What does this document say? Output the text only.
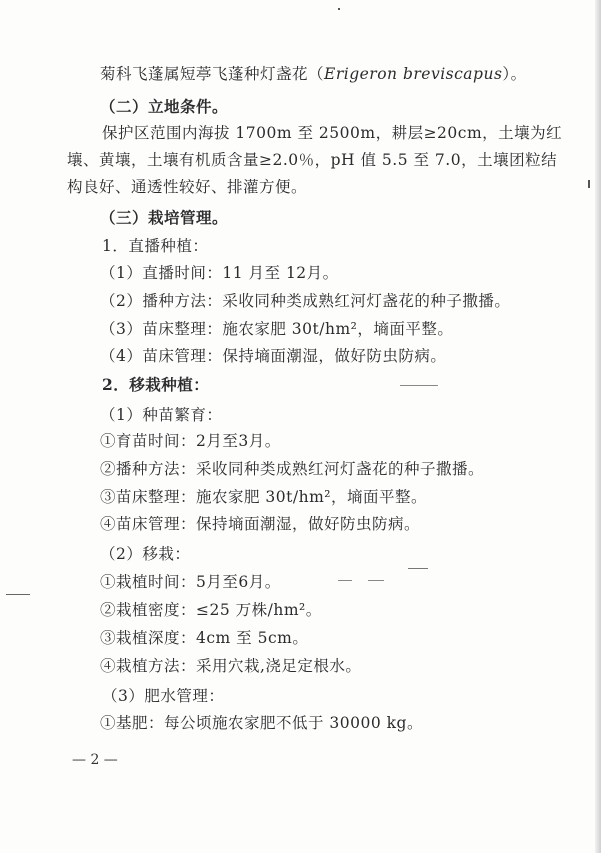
菊科飞蓬属短葶飞蓬种灯盏花（Erigeron breviscapus）。
（二）立地条件。
保护区范围内海拔 1700m 至 2500m，耕层≥20cm，土壤为红
壤、黄壤，土壤有机质含量≥2.0％，pH 值 5.5 至 7.0，土壤团粒结
构良好、通透性较好、排灌方便。
（三）栽培管理。
1．直播种植：
（1）直播时间：11 月至 12月。
（2）播种方法：采收同种类成熟红河灯盏花的种子撒播。
（3）苗床整理：施农家肥 30t/hm²，墒面平整。
（4）苗床管理：保持墒面潮湿，做好防虫防病。
2．移栽种植：
（1）种苗繁育：
①育苗时间：2月至3月。
②播种方法：采收同种类成熟红河灯盏花的种子撒播。
③苗床整理：施农家肥 30t/hm²，墒面平整。
④苗床管理：保持墒面潮湿，做好防虫防病。
（2）移栽：
①栽植时间：5月至6月。
②栽植密度：≤25 万株/hm²。
③栽植深度：4cm 至 5cm。
④栽植方法：采用穴栽,浇足定根水。
（3）肥水管理：
①基肥：每公顷施农家肥不低于 30000 kg。
— 2 —
